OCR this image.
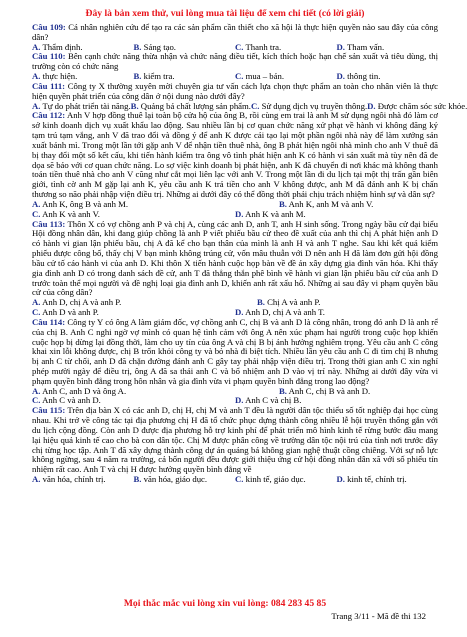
Đây là bản xem thử, vui lòng mua tài liệu để xem chi tiết (có lời giải)

Câu 109: Cá nhân nghiên cứu để tạo ra các sản phẩm cần thiết cho xã hội là thực hiện quyền nào sau đây của công dân?

A. Thẩm định.	B. Sáng tạo.	C. Thanh tra.	D. Tham vấn.

Câu 110: Bên cạnh chức năng thừa nhận và chức năng điều tiết, kích thích hoặc hạn chế sản xuất và tiêu dùng, thị trường còn có chức năng

A. thực hiện.	B. kiểm tra.	C. mua – bán.	D. thông tin.

Câu 111: Công ty X thường xuyên mời chuyên gia tư vấn cách lựa chọn thực phẩm an toàn cho nhân viên là thực hiện quyền phát triển của công dân ở nội dung nào dưới đây?

A. Tự do phát triển tài năng. B. Quảng bá chất lượng sản phẩm. C. Sử dụng dịch vụ truyền thông. D. Được chăm sóc sức khỏe.

Câu 112: Anh V hợp đồng thuê lại toàn bộ cửa hộ của ông B, rồi cùng em trai là anh M sử dụng ngôi nhà đó làm cơ sở kinh doanh dịch vụ xuất khẩu lao động. Sau nhiều lần bị cơ quan chức năng xử phạt về hành vi không đăng ký tạm trú tạm vắng, anh V đã trao đổi và đồng ý để anh K được cải tạo lại một phần ngôi nhà này để làm xưởng sản xuất bánh mì. Trong một lần tới gặp anh V để nhận tiền thuê nhà, ông B phát hiện ngôi nhà mình cho anh V thuê đã bị thay đổi một số kết cấu, khi tiến hành kiểm tra ông vô tình phát hiện anh K có hành vi sản xuất mà tùy nên đã đe dọa sẽ báo với cơ quan chức năng. Lo sợ việc kinh doanh bị phát hiện, anh K đã chuyển đi nơi khác mà không thanh toán tiền thuê nhà cho anh V cũng như cắt mọi liên lạc với anh V. Trong một lần đi du lịch tại một thị trấn gần biên giới, tình cờ anh M gặp lại anh K, yêu cầu anh K trả tiền cho anh V không được, anh M đã đánh anh K bị chấn thương so não phải nhập viện điều trị. Những ai dưới đây có thể đồng thời phải chịu trách nhiệm hình sự và dân sự?

A. Anh K, ông B và anh M.	B. Anh K, anh M và anh V.
C. Anh K và anh V.	D. Anh K và anh M.

Câu 113: Thôn X có vợ chồng anh P và chị A, cùng các anh D, anh T, anh H sinh sống. Trong ngày bầu cử đại biểu Hội đồng nhân dân, khi đang giúp chồng là anh P viết phiếu bầu cử theo đề xuất của anh thì chị A phát hiện anh D có hành vi gian lận phiếu bầu, chị A đã kể cho bạn thân của mình là anh H và anh T nghe. Sau khi kết quả kiểm phiếu được công bố, thấy chị V bạn mình không trúng cử, vốn mâu thuẫn với D nên anh H đã làm đơn gửi hội đồng bầu cử tố cáo hành vi của anh D. Khi thôn X tiến hành cuộc họp bàn về đề án xây dựng gia đình văn hóa. Khi thấy gia đình anh D có trong danh sách đề cử, anh T đã thẳng thắn phê bình về hành vi gian lận phiếu bầu cử của anh D trước toàn thể mọi người và đề nghị loại gia đình anh D, khiến anh rất xấu hổ. Những ai sau đây vi phạm quyền bầu cử của công dân?

A. Anh D, chị A và anh P.	B. Chị A và anh P.
C. Anh D và anh P.	D. Anh D, chị A và anh T.

Câu 114: Công ty Y có ông A làm giám đốc, vợ chồng anh C, chị B và anh D là công nhân, trong đó anh D là anh rể của chị B. Anh C nghi ngờ vợ mình có quan hệ tình cảm với ông A nên xúc phạm hai người trong cuộc họp khiến cuộc họp bị dừng lại đồng thời, làm cho uy tín của ông A và chị B bị ảnh hưởng nghiêm trọng. Yêu cầu anh C công khai xin lỗi không được, chị B trốn khỏi công ty và bỏ nhà đi biệt tích. Nhiều lần yêu cầu anh C đi tìm chị B nhưng bị anh C từ chối, anh D đã chặn đường đánh anh C gây tay phải nhập viện điều trị. Trong thời gian anh C xin nghỉ phép mười ngày để điều trị, ông A đã sa thải anh C và bổ nhiệm anh D vào vị trí này. Những ai dưới đây vừa vi phạm quyền bình đẳng trong hôn nhân và gia đình vừa vi phạm quyền bình đẳng trong lao động?

A. Anh C, anh D và ông A.	B. Anh C, chị B và anh D.
C. Anh C và anh D.	D. Anh C và chị B.

Câu 115: Trên địa bàn X có các anh D, chị H, chị M và anh T đều là người dân tộc thiểu số tốt nghiệp đại học cùng nhau. Khi trở về công tác tại địa phương chị H đã tổ chức phục dựng thành công nhiều lễ hội truyền thống gắn với du lịch cộng đồng. Còn anh D được địa phương hỗ trợ kinh phí để phát triển mô hình kinh tế rừng bước đầu mang lại hiệu quả kinh tế cao cho bà con dân tộc. Chị M được phân công về trường dân tộc nội trú của tỉnh nơi trước đây chị từng học tập. Anh T đã xây dựng thành công dự án quảng bá không gian nghệ thuật cồng chiêng. Với sự nỗ lực không ngừng, sau 4 năm ra trường, cả bốn người đều được giới thiệu ứng cử hội đồng nhân dân xã với số phiếu tín nhiệm rất cao. Anh T và chị H được hưởng quyền bình đẳng về

A. văn hóa, chính trị.	B. văn hóa, giáo dục.	C. kinh tế, giáo dục.	D. kinh tế, chính trị.
Mọi thắc mắc vui lòng xin vui lòng: 084 283 45 85
Trang 3/11 - Mã đề thi 132
